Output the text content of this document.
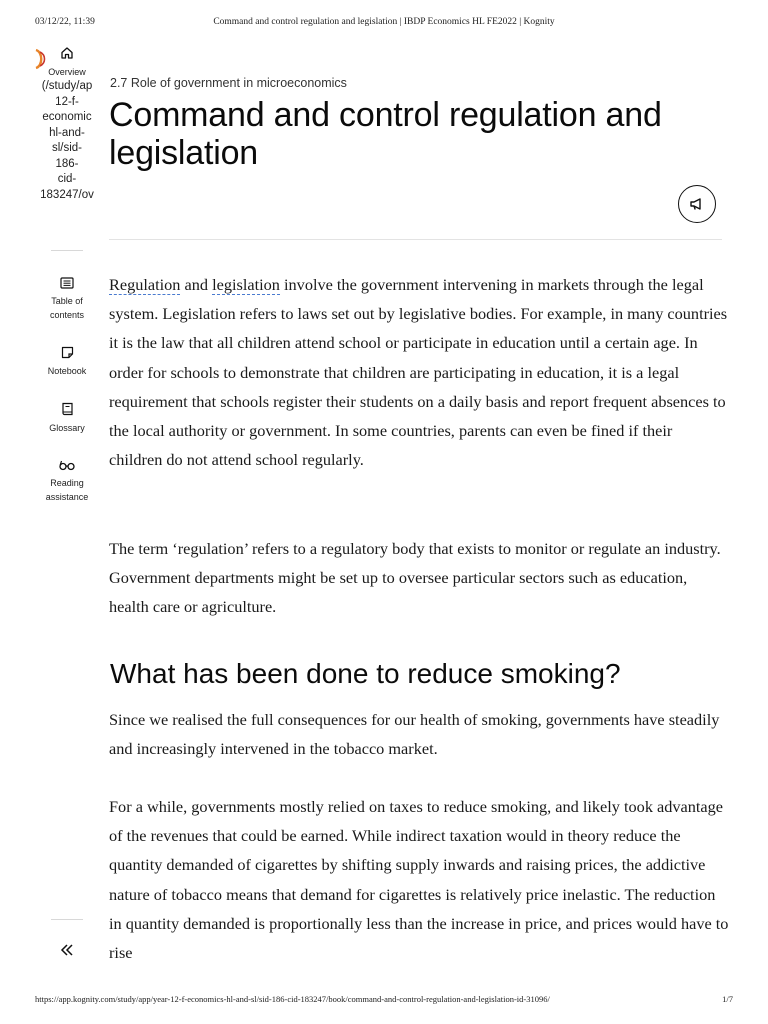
03/12/22, 11:39	Command and control regulation and legislation | IBDP Economics HL FE2022 | Kognity
Overview
(/study/ap
12-f-
economic
hl-and-
sl/sid-
186-
cid-
183247/ov
Table of
contents
Notebook
Glossary
Reading
assistance
2.7 Role of government in microeconomics
Command and control regulation and legislation

Regulation and legislation involve the government intervening in markets through the legal system. Legislation refers to laws set out by legislative bodies. For example, in many countries it is the law that all children attend school or participate in education until a certain age. In order for schools to demonstrate that children are participating in education, it is a legal requirement that schools register their students on a daily basis and report frequent absences to the local authority or government. In some countries, parents can even be fined if their children do not attend school regularly.

The term ‘regulation’ refers to a regulatory body that exists to monitor or regulate an industry. Government departments might be set up to oversee particular sectors such as education, health care or agriculture.

What has been done to reduce smoking?

Since we realised the full consequences for our health of smoking, governments have steadily and increasingly intervened in the tobacco market.

For a while, governments mostly relied on taxes to reduce smoking, and likely took advantage of the revenues that could be earned. While indirect taxation would in theory reduce the quantity demanded of cigarettes by shifting supply inwards and raising prices, the addictive nature of tobacco means that demand for cigarettes is relatively price inelastic. The reduction in quantity demanded is proportionally less than the increase in price, and prices would have to rise

https://app.kognity.com/study/app/year-12-f-economics-hl-and-sl/sid-186-cid-183247/book/command-and-control-regulation-and-legislation-id-31096/	1/7
